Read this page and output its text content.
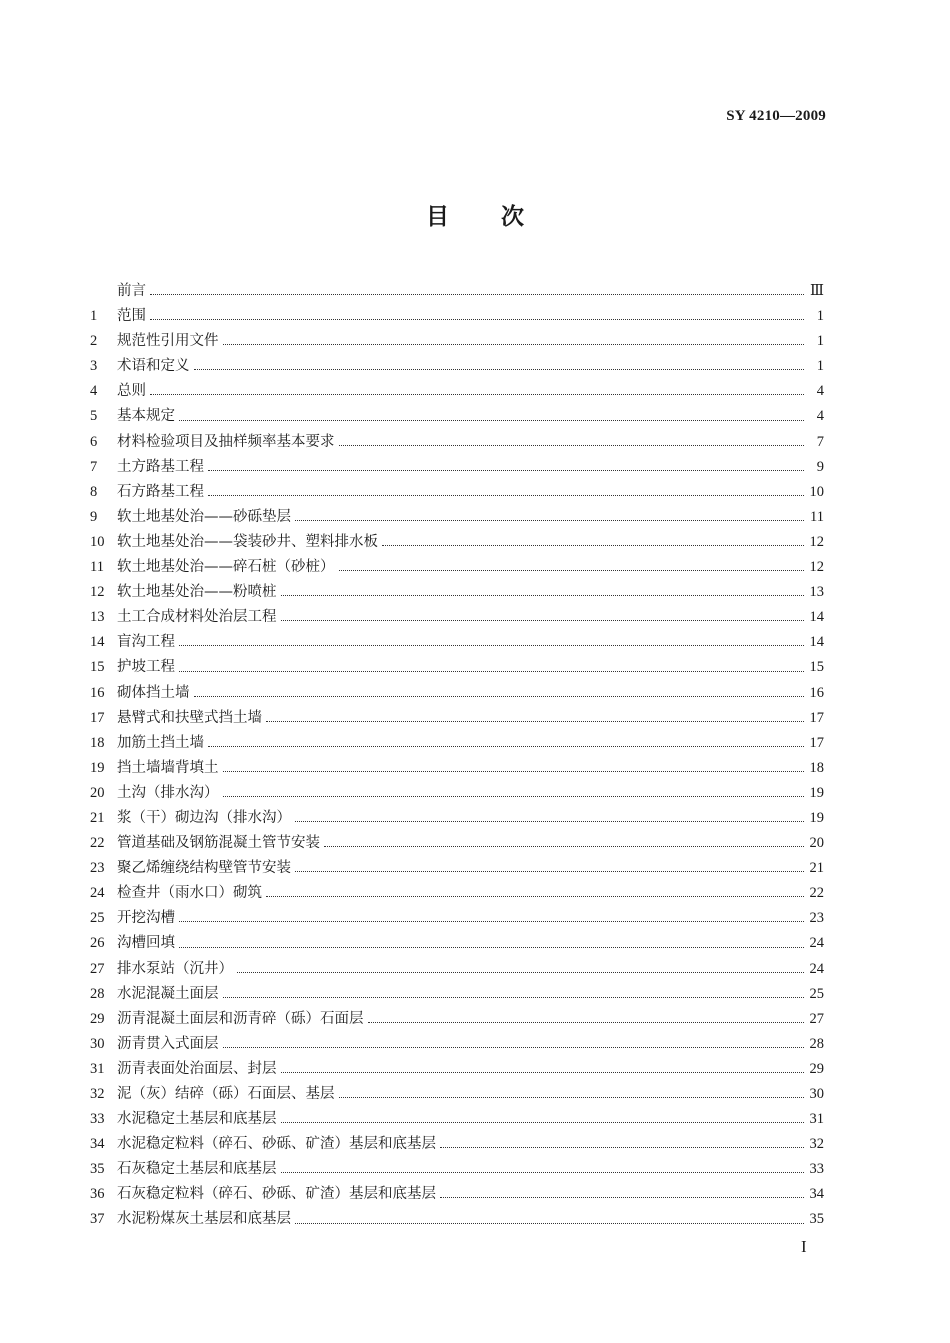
SY 4210—2009
目 次
前言	Ⅲ
1	范围	1
2	规范性引用文件	1
3	术语和定义	1
4	总则	4
5	基本规定	4
6	材料检验项目及抽样频率基本要求	7
7	土方路基工程	9
8	石方路基工程	10
9	软土地基处治——砂砾垫层	11
10 软土地基处治——袋装砂井、塑料排水板	12
11 软土地基处治——碎石桩（砂桩）	12
12 软土地基处治——粉喷桩	13
13 土工合成材料处治层工程	14
14 盲沟工程	14
15 护坡工程	15
16 砌体挡土墙	16
17 悬臂式和扶壁式挡土墙	17
18 加筋土挡土墙	17
19 挡土墙墙背填土	18
20 土沟（排水沟）	19
21 浆（干）砌边沟（排水沟）	19
22 管道基础及钢筋混凝土管节安装	20
23 聚乙烯缠绕结构壁管节安装	21
24 检查井（雨水口）砌筑	22
25 开挖沟槽	23
26 沟槽回填	24
27 排水泵站（沉井）	24
28 水泥混凝土面层	25
29 沥青混凝土面层和沥青碎（砾）石面层	27
30 沥青贯入式面层	28
31 沥青表面处治面层、封层	29
32 泥（灰）结碎（砾）石面层、基层	30
33 水泥稳定土基层和底基层	31
34 水泥稳定粒料（碎石、砂砾、矿渣）基层和底基层	32
35 石灰稳定土基层和底基层	33
36 石灰稳定粒料（碎石、砂砾、矿渣）基层和底基层	34
37 水泥粉煤灰土基层和底基层	35
I
